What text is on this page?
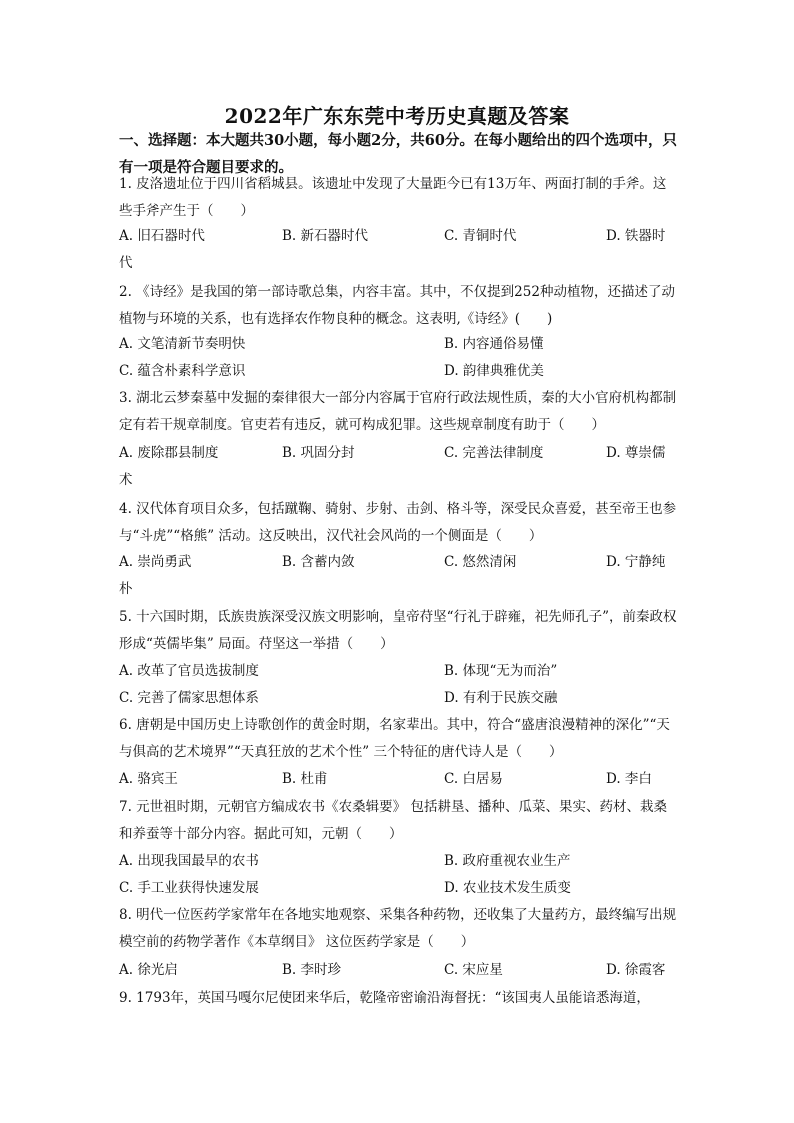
2022年广东东莞中考历史真题及答案
一、选择题：本大题共30小题，每小题2分，共60分。在每小题给出的四个选项中，只有一项是符合题目要求的。
1. 皮洛遗址位于四川省稻城县。该遗址中发现了大量距今已有13万年、两面打制的手斧。这些手斧产生于（　　）
A. 旧石器时代	B. 新石器时代	C. 青铜时代	D. 铁器时
代
2. 《诗经》是我国的第一部诗歌总集，内容丰富。其中，不仅提到252种动植物，还描述了动植物与环境的关系，也有选择农作物良种的概念。这表明,《诗经》(　　)
A. 文笔清新节奏明快	B. 内容通俗易懂
C. 蕴含朴素科学意识	D. 韵律典雅优美
3. 湖北云梦秦墓中发掘的秦律很大一部分内容属于官府行政法规性质，秦的大小官府机构都制定有若干规章制度。官吏若有违反，就可构成犯罪。这些规章制度有助于（　　）
A. 废除郡县制度	B. 巩固分封	C. 完善法律制度	D. 尊崇儒
术
4. 汉代体育项目众多，包括蹴鞠、骑射、步射、击剑、格斗等，深受民众喜爱，甚至帝王也参与“斗虎”“格熊” 活动。这反映出，汉代社会风尚的一个侧面是（　　）
A. 崇尚勇武	B. 含蓄内敛	C. 悠然清闲	D. 宁静纯
朴
5. 十六国时期，氐族贵族深受汉族文明影响，皇帝苻坚“行礼于辟雍，祀先师孔子”，前秦政权形成“英儒毕集” 局面。苻坚这一举措（　　）
A. 改革了官员选拔制度	B. 体现“无为而治”
C. 完善了儒家思想体系	D. 有利于民族交融
6. 唐朝是中国历史上诗歌创作的黄金时期，名家辈出。其中，符合“盛唐浪漫精神的深化”“天与俱高的艺术境界”“天真狂放的艺术个性” 三个特征的唐代诗人是（　　）
A. 骆宾王	B. 杜甫	C. 白居易	D. 李白
7. 元世祖时期，元朝官方编成农书《农桑辑要》 包括耕垦、播种、瓜菜、果实、药材、栽桑和养蚕等十部分内容。据此可知，元朝（　　）
A. 出现我国最早的农书	B. 政府重视农业生产
C. 手工业获得快速发展	D. 农业技术发生质变
8. 明代一位医药学家常年在各地实地观察、采集各种药物，还收集了大量药方，最终编写出规模空前的药物学著作《本草纲目》 这位医药学家是（　　）
A. 徐光启	B. 李时珍	C. 宋应星	D. 徐霞客
9. 1793年，英国马嘎尔尼使团来华后，乾隆帝密谕沿海督抚：“该国夷人虽能谙悉海道，
